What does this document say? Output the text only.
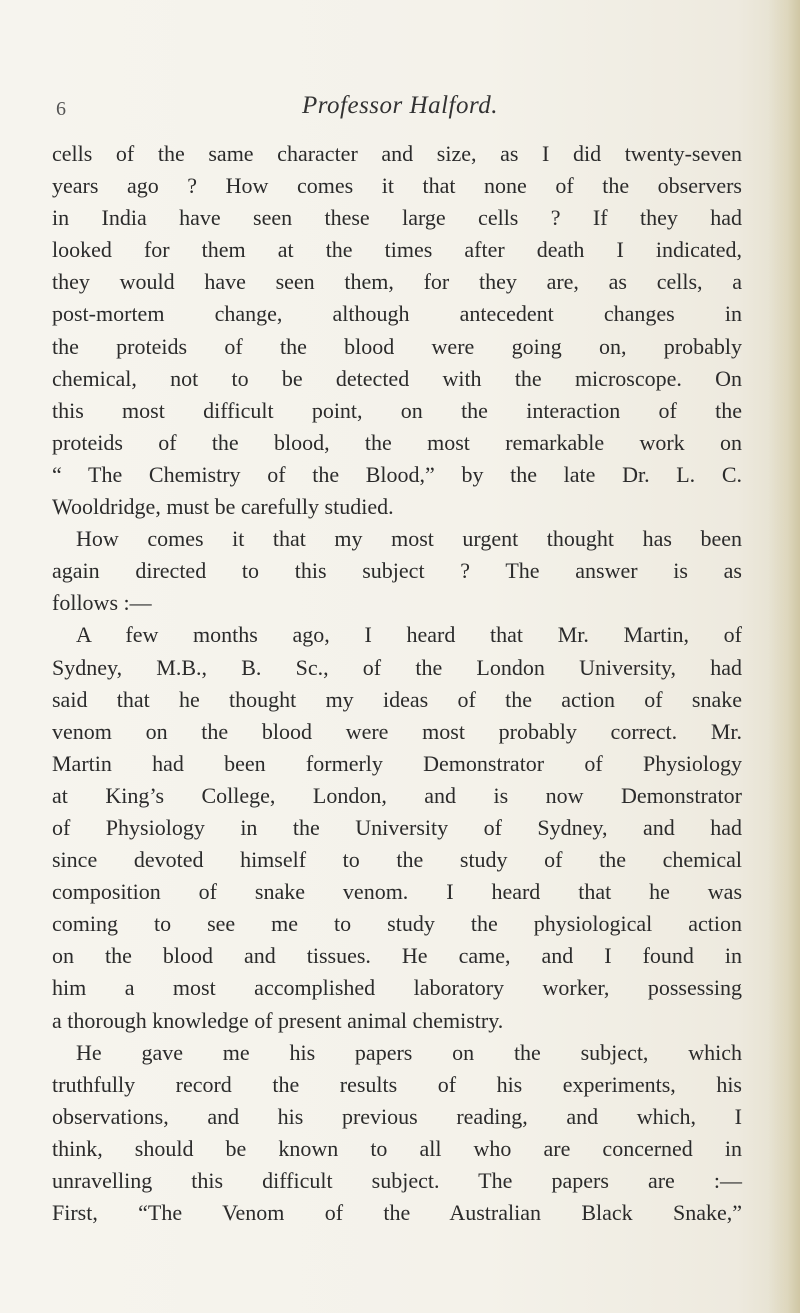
6	Professor Halford.
cells of the same character and size, as I did twenty-seven
years ago ? How comes it that none of the observers
in India have seen these large cells ? If they had
looked for them at the times after death I indicated,
they would have seen them, for they are, as cells, a
post-mortem change, although antecedent changes in
the proteids of the blood were going on, probably
chemical, not to be detected with the microscope. On
this most difficult point, on the interaction of the
proteids of the blood, the most remarkable work on
“ The Chemistry of the Blood,” by the late Dr. L. C.
Wooldridge, must be carefully studied.
How comes it that my most urgent thought has been
again directed to this subject ? The answer is as
follows :—
A few months ago, I heard that Mr. Martin, of
Sydney, M.B., B. Sc., of the London University, had
said that he thought my ideas of the action of snake
venom on the blood were most probably correct. Mr.
Martin had been formerly Demonstrator of Physiology
at King’s College, London, and is now Demonstrator
of Physiology in the University of Sydney, and had
since devoted himself to the study of the chemical
composition of snake venom. I heard that he was
coming to see me to study the physiological action
on the blood and tissues. He came, and I found in
him a most accomplished laboratory worker, possessing
a thorough knowledge of present animal chemistry.
He gave me his papers on the subject, which
truthfully record the results of his experiments, his
observations, and his previous reading, and which, I
think, should be known to all who are concerned in
unravelling this difficult subject. The papers are :—
First, “The Venom of the Australian Black Snake,”
